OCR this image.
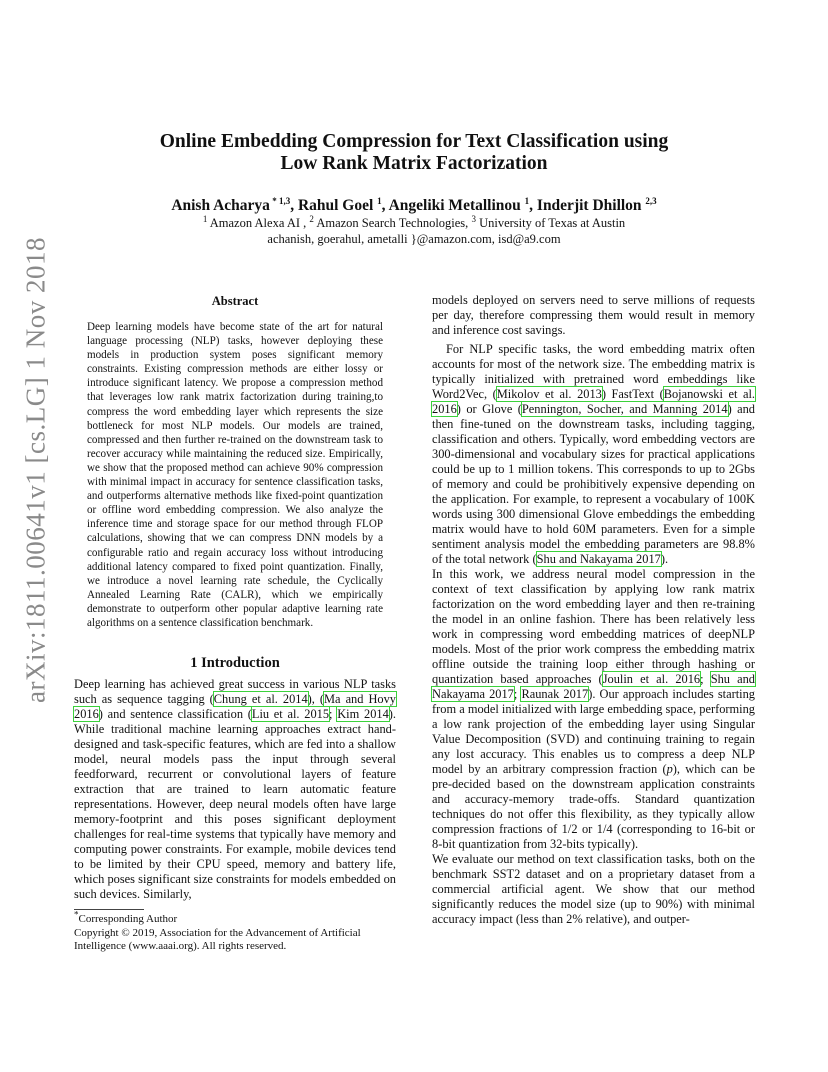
arXiv:1811.00641v1 [cs.LG] 1 Nov 2018
Online Embedding Compression for Text Classification using
Low Rank Matrix Factorization
Anish Acharya $^{* 1,3}$, Rahul Goel $^1$, Angeliki Metallinou $^1$, Inderjit Dhillon $^{2,3}$
$^1$ Amazon Alexa AI , $^2$ Amazon Search Technologies, $^3$ University of Texas at Austin
achanish, goerahul, ametalli }@amazon.com, isd@a9.com
Abstract
Deep learning models have become state of the art for natural language processing (NLP) tasks, however deploying these models in production system poses significant memory constraints. Existing compression methods are either lossy or introduce significant latency. We propose a compression method that leverages low rank matrix factorization during training,to compress the word embedding layer which represents the size bottleneck for most NLP models. Our models are trained, compressed and then further re-trained on the downstream task to recover accuracy while maintaining the reduced size. Empirically, we show that the proposed method can achieve 90% compression with minimal impact in accuracy for sentence classification tasks, and outperforms alternative methods like fixed-point quantization or offline word embedding compression. We also analyze the inference time and storage space for our method through FLOP calculations, showing that we can compress DNN models by a configurable ratio and regain accuracy loss without introducing additional latency compared to fixed point quantization. Finally, we introduce a novel learning rate schedule, the Cyclically Annealed Learning Rate (CALR), which we empirically demonstrate to outperform other popular adaptive learning rate algorithms on a sentence classification benchmark.
1 Introduction

Deep learning has achieved great success in various NLP tasks such as sequence tagging (Chung et al. 2014), (Ma and Hovy 2016) and sentence classification (Liu et al. 2015; Kim 2014). While traditional machine learning approaches extract hand-designed and task-specific features, which are fed into a shallow model, neural models pass the input through several feedforward, recurrent or convolutional layers of feature extraction that are trained to learn automatic feature representations. However, deep neural models often have large memory-footprint and this poses significant deployment challenges for real-time systems that typically have memory and computing power constraints. For example, mobile devices tend to be limited by their CPU speed, memory and battery life, which poses significant size constraints for models embedded on such devices. Similarly,

models deployed on servers need to serve millions of requests per day, therefore compressing them would result in memory and inference cost savings.

For NLP specific tasks, the word embedding matrix often accounts for most of the network size. The embedding matrix is typically initialized with pretrained word embeddings like Word2Vec, (Mikolov et al. 2013) FastText (Bojanowski et al. 2016) or Glove (Pennington, Socher, and Manning 2014) and then fine-tuned on the downstream tasks, including tagging, classification and others. Typically, word embedding vectors are 300-dimensional and vocabulary sizes for practical applications could be up to 1 million tokens. This corresponds to up to 2Gbs of memory and could be prohibitively expensive depending on the application. For example, to represent a vocabulary of 100K words using 300 dimensional Glove embeddings the embedding matrix would have to hold 60M parameters. Even for a simple sentiment analysis model the embedding parameters are 98.8% of the total network (Shu and Nakayama 2017).

In this work, we address neural model compression in the context of text classification by applying low rank matrix factorization on the word embedding layer and then re-training the model in an online fashion. There has been relatively less work in compressing word embedding matrices of deepNLP models. Most of the prior work compress the embedding matrix offline outside the training loop either through hashing or quantization based approaches (Joulin et al. 2016; Shu and Nakayama 2017; Raunak 2017). Our approach includes starting from a model initialized with large embedding space, performing a low rank projection of the embedding layer using Singular Value Decomposition (SVD) and continuing training to regain any lost accuracy. This enables us to compress a deep NLP model by an arbitrary compression fraction (p), which can be pre-decided based on the downstream application constraints and accuracy-memory trade-offs. Standard quantization techniques do not offer this flexibility, as they typically allow compression fractions of 1/2 or 1/4 (corresponding to 16-bit or 8-bit quantization from 32-bits typically).

We evaluate our method on text classification tasks, both on the benchmark SST2 dataset and on a proprietary dataset from a commercial artificial agent. We show that our method significantly reduces the model size (up to 90%) with minimal accuracy impact (less than 2% relative), and outper-

*Corresponding Author
Copyright © 2019, Association for the Advancement of Artificial Intelligence (www.aaai.org). All rights reserved.
